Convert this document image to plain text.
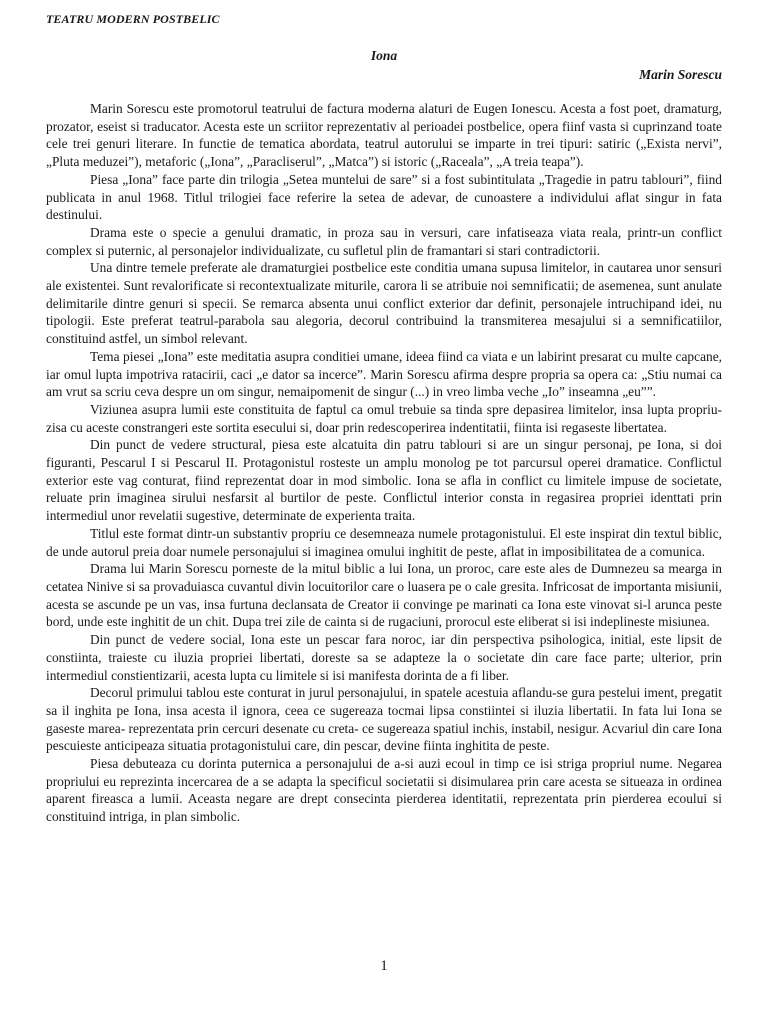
TEATRU MODERN POSTBELIC
Iona
Marin Sorescu

Marin Sorescu este promotorul teatrului de factura moderna alaturi de Eugen Ionescu. Acesta a fost poet, dramaturg, prozator, eseist si traducator. Acesta este un scriitor reprezentativ al perioadei postbelice, opera fiinf vasta si cuprinzand toate cele trei genuri literare. In functie de tematica abordata, teatrul autorului se imparte in trei tipuri: satiric („Exista nervi”, „Pluta meduzei”), metaforic („Iona”, „Paracliserul”, „Matca”) si istoric („Raceala”, „A treia teapa”).

Piesa „Iona” face parte din trilogia „Setea muntelui de sare” si a fost subintitulata „Tragedie in patru tablouri”, fiind publicata in anul 1968. Titlul trilogiei face referire la setea de adevar, de cunoastere a individului aflat singur in fata destinului.

Drama este o specie a genului dramatic, in proza sau in versuri, care infatiseaza viata reala, printr-un conflict complex si puternic, al personajelor individualizate, cu sufletul plin de framantari si stari contradictorii.

Una dintre temele preferate ale dramaturgiei postbelice este conditia umana supusa limitelor, in cautarea unor sensuri ale existentei. Sunt revalorificate si recontextualizate miturile, carora li se atribuie noi semnificatii; de asemenea, sunt anulate delimitarile dintre genuri si specii. Se remarca absenta unui conflict exterior dar definit, personajele intruchipand idei, nu tipologii. Este preferat teatrul-parabola sau alegoria, decorul contribuind la transmiterea mesajului si a semnificatiilor, constituind astfel, un simbol relevant.

Tema piesei „Iona” este meditatia asupra conditiei umane, ideea fiind ca viata e un labirint presarat cu multe capcane, iar omul lupta impotriva ratacirii, caci „e dator sa incerce”. Marin Sorescu afirma despre propria sa opera ca: „Stiu numai ca am vrut sa scriu ceva despre un om singur, nemaipomenit de singur (...) in vreo limba veche „Io” inseamna „eu””.

Viziunea asupra lumii este constituita de faptul ca omul trebuie sa tinda spre depasirea limitelor, insa lupta propriu-zisa cu aceste constrangeri este sortita esecului si, doar prin redescoperirea indentitatii, fiinta isi regaseste libertatea.

Din punct de vedere structural, piesa este alcatuita din patru tablouri si are un singur personaj, pe Iona, si doi figuranti, Pescarul I si Pescarul II. Protagonistul rosteste un amplu monolog pe tot parcursul operei dramatice. Conflictul exterior este vag conturat, fiind reprezentat doar in mod simbolic. Iona se afla in conflict cu limitele impuse de societate, reluate prin imaginea sirului nesfarsit al burtilor de peste. Conflictul interior consta in regasirea propriei identtati prin intermediul unor revelatii sugestive, determinate de experienta traita.

Titlul este format dintr-un substantiv propriu ce desemneaza numele protagonistului. El este inspirat din textul biblic, de unde autorul preia doar numele personajului si imaginea omului inghitit de peste, aflat in imposibilitatea de a comunica.

Drama lui Marin Sorescu porneste de la mitul biblic a lui Iona, un proroc, care este ales de Dumnezeu sa mearga in cetatea Ninive si sa provaduiasca cuvantul divin locuitorilor care o luasera pe o cale gresita. Infricosat de importanta misiunii, acesta se ascunde pe un vas, insa furtuna declansata de Creator ii convinge pe marinati ca Iona este vinovat si-l arunca peste bord, unde este inghitit de un chit. Dupa trei zile de cainta si de rugaciuni, prorocul este eliberat si isi indeplineste misiunea.

Din punct de vedere social, Iona este un pescar fara noroc, iar din perspectiva psihologica, initial, este lipsit de constiinta, traieste cu iluzia propriei libertati, doreste sa se adapteze la o societate din care face parte; ulterior, prin intermediul constientizarii, acesta lupta cu limitele si isi manifesta dorinta de a fi liber.

Decorul primului tablou este conturat in jurul personajului, in spatele acestuia aflandu-se gura pestelui iment, pregatit sa il inghita pe Iona, insa acesta il ignora, ceea ce sugereaza tocmai lipsa constiintei si iluzia libertatii. In fata lui Iona se gaseste marea- reprezentata prin cercuri desenate cu creta- ce sugereaza spatiul inchis, instabil, nesigur. Acvariul din care Iona pescuieste anticipeaza situatia protagonistului care, din pescar, devine fiinta inghitita de peste.

Piesa debuteaza cu dorinta puternica a personajului de a-si auzi ecoul in timp ce isi striga propriul nume. Negarea propriului eu reprezinta incercarea de a se adapta la specificul societatii si disimularea prin care acesta se situeaza in ordinea aparent fireasca a lumii. Aceasta negare are drept consecinta pierderea identitatii, reprezentata prin pierderea ecoului si constituind intriga, in plan simbolic.

1
